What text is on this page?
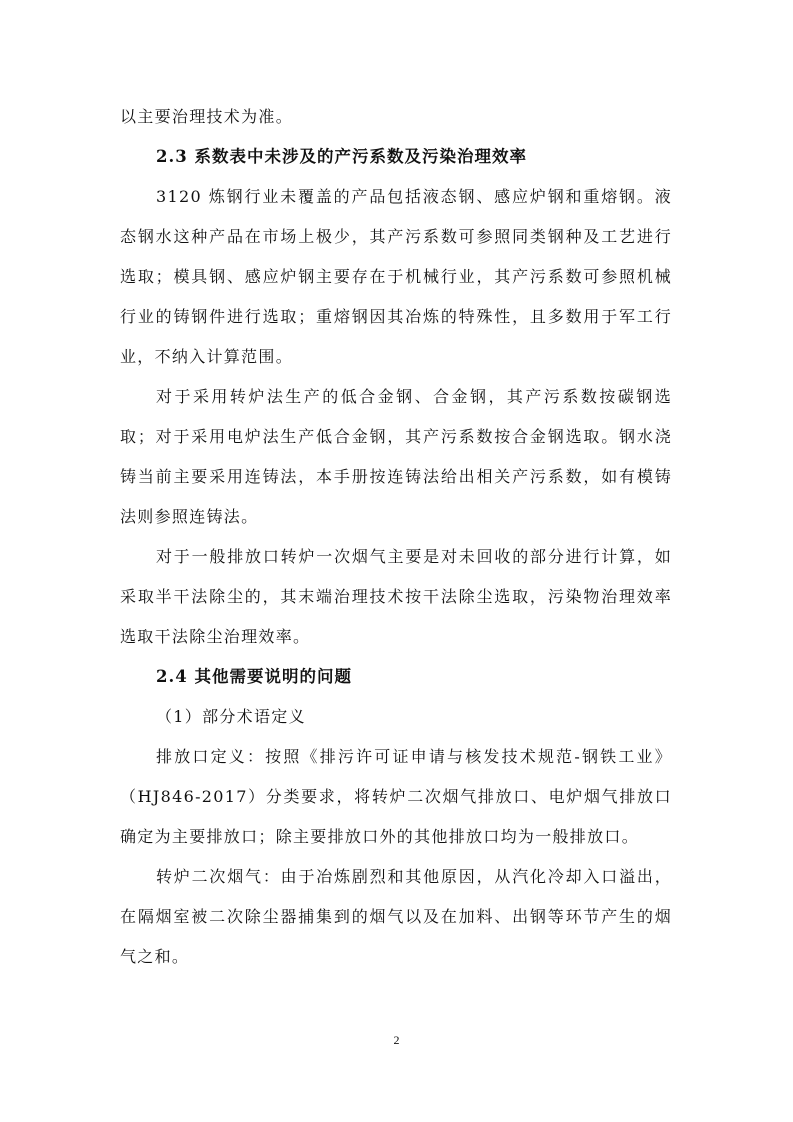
以主要治理技术为准。

2.3 系数表中未涉及的产污系数及污染治理效率

3120 炼钢行业未覆盖的产品包括液态钢、感应炉钢和重熔钢。液态钢水这种产品在市场上极少，其产污系数可参照同类钢种及工艺进行选取；模具钢、感应炉钢主要存在于机械行业，其产污系数可参照机械行业的铸钢件进行选取；重熔钢因其冶炼的特殊性，且多数用于军工行业，不纳入计算范围。

对于采用转炉法生产的低合金钢、合金钢，其产污系数按碳钢选取；对于采用电炉法生产低合金钢，其产污系数按合金钢选取。钢水浇铸当前主要采用连铸法，本手册按连铸法给出相关产污系数，如有模铸法则参照连铸法。

对于一般排放口转炉一次烟气主要是对未回收的部分进行计算，如采取半干法除尘的，其末端治理技术按干法除尘选取，污染物治理效率选取干法除尘治理效率。

2.4 其他需要说明的问题

（1）部分术语定义

排放口定义：按照《排污许可证申请与核发技术规范-钢铁工业》（HJ846-2017）分类要求，将转炉二次烟气排放口、电炉烟气排放口确定为主要排放口；除主要排放口外的其他排放口均为一般排放口。

转炉二次烟气：由于冶炼剧烈和其他原因，从汽化冷却入口溢出，在隔烟室被二次除尘器捕集到的烟气以及在加料、出钢等环节产生的烟气之和。

2
